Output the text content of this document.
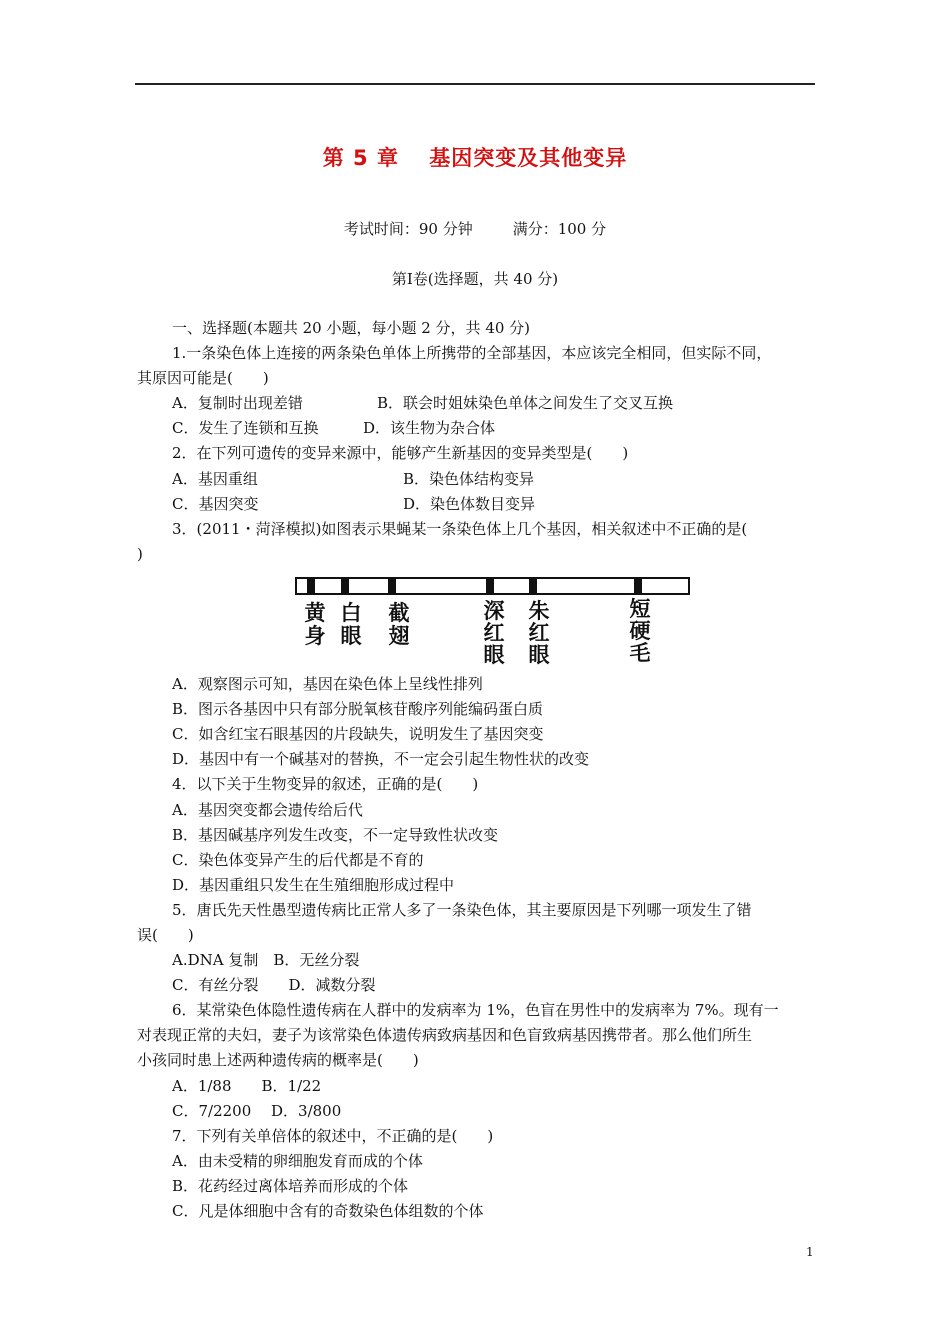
第 5 章　 基因突变及其他变异
考试时间：90 分钟	满分：100 分
第Ⅰ卷(选择题，共 40 分)
一、选择题(本题共 20 小题，每小题 2 分，共 40 分)
1.一条染色体上连接的两条染色单体上所携带的全部基因，本应该完全相同，但实际不同，
其原因可能是(　　)
A．复制时出现差错	B．联会时姐妹染色单体之间发生了交叉互换
C．发生了连锁和互换	D．该生物为杂合体
2．在下列可遗传的变异来源中，能够产生新基因的变异类型是(　　)
A．基因重组	B．染色体结构变异
C．基因突变	D．染色体数目变异
3．(2011・菏泽模拟)如图表示果蝇某一条染色体上几个基因，相关叙述中不正确的是(
)
黄
身
白
眼
截
翅
深
红
眼
朱
红
眼
短
硬
毛
A．观察图示可知，基因在染色体上呈线性排列
B．图示各基因中只有部分脱氧核苷酸序列能编码蛋白质
C．如含红宝石眼基因的片段缺失，说明发生了基因突变
D．基因中有一个碱基对的替换，不一定会引起生物性状的改变
4．以下关于生物变异的叙述，正确的是(　　)
A．基因突变都会遗传给后代
B．基因碱基序列发生改变，不一定导致性状改变
C．染色体变异产生的后代都是不育的
D．基因重组只发生在生殖细胞形成过程中
5．唐氏先天性愚型遗传病比正常人多了一条染色体，其主要原因是下列哪一项发生了错
误(　　)
A.DNA 复制　B．无丝分裂
C．有丝分裂　　D．减数分裂
6．某常染色体隐性遗传病在人群中的发病率为 1%，色盲在男性中的发病率为 7%。现有一
对表现正常的夫妇，妻子为该常染色体遗传病致病基因和色盲致病基因携带者。那么他们所生
小孩同时患上述两种遗传病的概率是(　　)
A．1/88　　B．1/22
C．7/2200　 D．3/800
7．下列有关单倍体的叙述中，不正确的是(　　)
A．由未受精的卵细胞发育而成的个体
B．花药经过离体培养而形成的个体
C．凡是体细胞中含有的奇数染色体组数的个体
1
